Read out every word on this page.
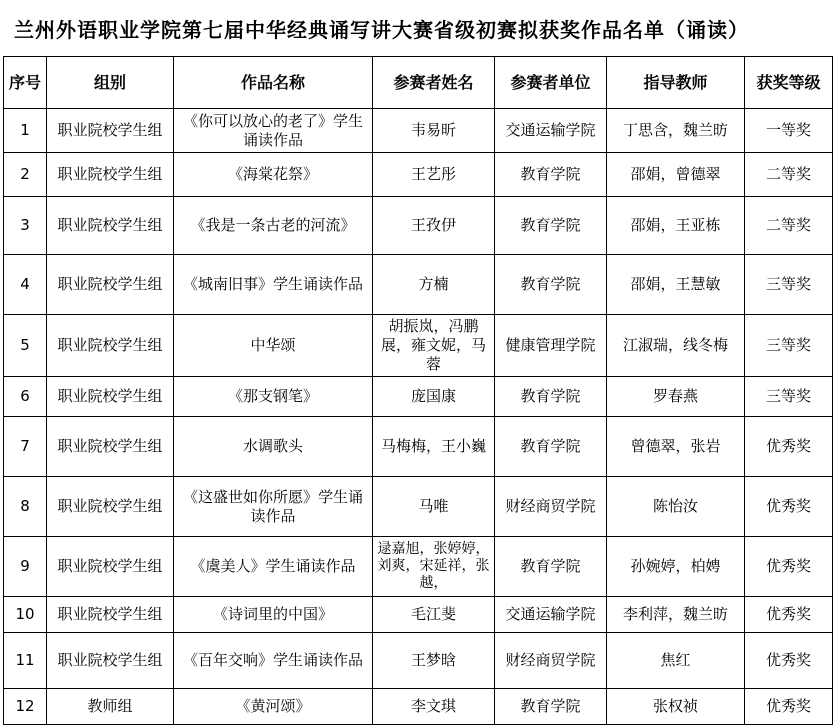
兰州外语职业学院第七届中华经典诵写讲大赛省级初赛拟获奖作品名单（诵读）
序号	组别	作品名称	参赛者姓名	参赛者单位	指导教师	获奖等级
1	职业院校学生组	《你可以放心的老了》学生诵读作品	韦易昕	交通运输学院	丁思含，魏兰昉	一等奖
2	职业院校学生组	《海棠花祭》	王艺彤	教育学院	邵娟，曾德翠	二等奖
3	职业院校学生组	《我是一条古老的河流》	王孜伊	教育学院	邵娟，王亚栋	二等奖
4	职业院校学生组	《城南旧事》学生诵读作品	方楠	教育学院	邵娟，王慧敏	三等奖
5	职业院校学生组	中华颂	胡振岚，冯鹏展，雍文妮，马蓉	健康管理学院	江淑瑞，线冬梅	三等奖
6	职业院校学生组	《那支钢笔》	庞国康	教育学院	罗春燕	三等奖
7	职业院校学生组	水调歌头	马梅梅，王小巍	教育学院	曾德翠，张岩	优秀奖
8	职业院校学生组	《这盛世如你所愿》学生诵读作品	马唯	财经商贸学院	陈怡汝	优秀奖
9	职业院校学生组	《虞美人》学生诵读作品	逯嘉旭，张婷婷，刘爽，宋延祥，张越，	教育学院	孙婉婷，柏娉	优秀奖
10	职业院校学生组	《诗词里的中国》	毛江斐	交通运输学院	李利萍，魏兰昉	优秀奖
11	职业院校学生组	《百年交响》学生诵读作品	王梦晗	财经商贸学院	焦红	优秀奖
12	教师组	《黄河颂》	李文琪	教育学院	张权祯	优秀奖
